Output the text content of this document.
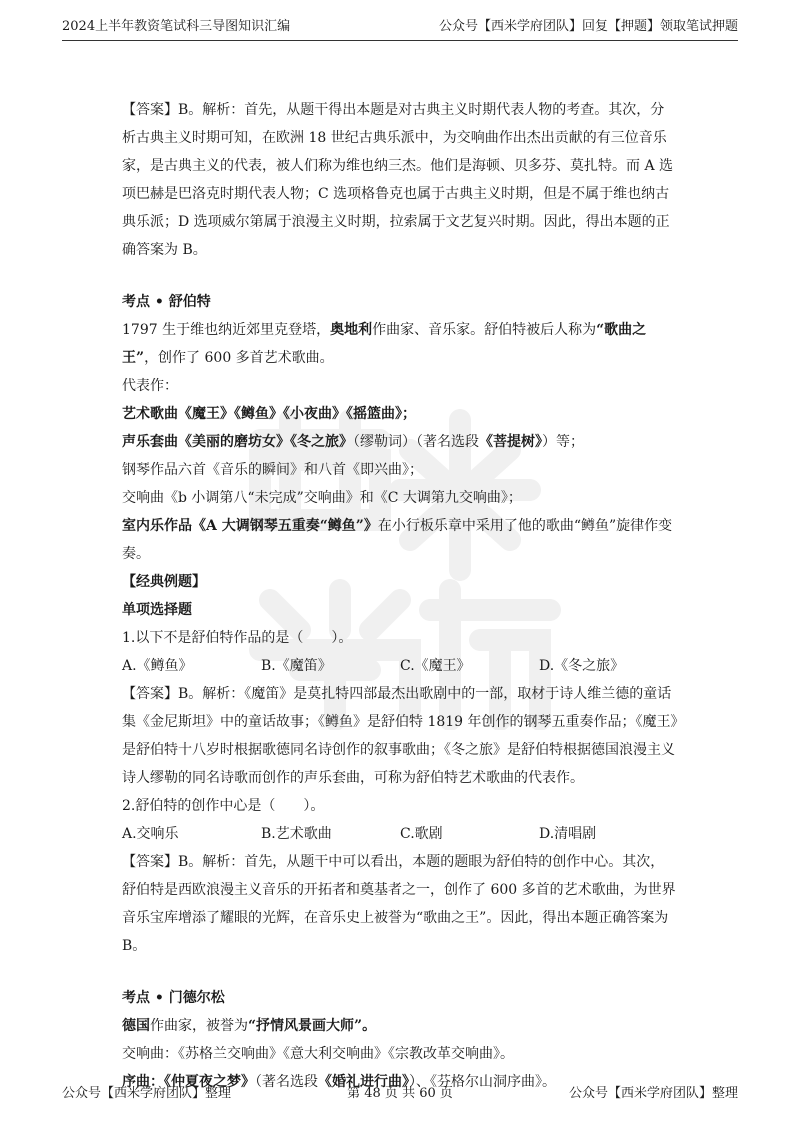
2024上半年教资笔试科三导图知识汇编	公众号【西米学府团队】回复【押题】领取笔试押题

【答案】B。解析：首先，从题干得出本题是对古典主义时期代表人物的考查。其次，分析古典主义时期可知，在欧洲 18 世纪古典乐派中，为交响曲作出杰出贡献的有三位音乐家，是古典主义的代表，被人们称为维也纳三杰。他们是海顿、贝多芬、莫扎特。而 A 选项巴赫是巴洛克时期代表人物；C 选项格鲁克也属于古典主义时期，但是不属于维也纳古典乐派；D 选项威尔第属于浪漫主义时期，拉索属于文艺复兴时期。因此，得出本题的正确答案为 B。

考点 • 舒伯特

1797 生于维也纳近郊里克登塔，奥地利作曲家、音乐家。舒伯特被后人称为“歌曲之王”，创作了 600 多首艺术歌曲。

代表作：

艺术歌曲《魔王》《鳟鱼》《小夜曲》《摇篮曲》；

声乐套曲《美丽的磨坊女》《冬之旅》（缪勒词）（著名选段《菩提树》）等；

钢琴作品六首《音乐的瞬间》和八首《即兴曲》；

交响曲《b 小调第八“未完成”交响曲》和《C 大调第九交响曲》；

室内乐作品《A 大调钢琴五重奏“鳟鱼”》在小行板乐章中采用了他的歌曲“鳟鱼”旋律作变奏。

【经典例题】

单项选择题

1.以下不是舒伯特作品的是（　　）。

A.《鳟鱼》	B.《魔笛》	C.《魔王》	D.《冬之旅》

【答案】B。解析：《魔笛》是莫扎特四部最杰出歌剧中的一部，取材于诗人维兰德的童话集《金尼斯坦》中的童话故事；《鳟鱼》是舒伯特 1819 年创作的钢琴五重奏作品；《魔王》是舒伯特十八岁时根据歌德同名诗创作的叙事歌曲；《冬之旅》是舒伯特根据德国浪漫主义诗人缪勒的同名诗歌而创作的声乐套曲，可称为舒伯特艺术歌曲的代表作。

2.舒伯特的创作中心是（　　）。

A.交响乐	B.艺术歌曲	C.歌剧	D.清唱剧

【答案】B。解析：首先，从题干中可以看出，本题的题眼为舒伯特的创作中心。其次，舒伯特是西欧浪漫主义音乐的开拓者和奠基者之一，创作了 600 多首的艺术歌曲，为世界音乐宝库增添了耀眼的光辉，在音乐史上被誉为“歌曲之王”。因此，得出本题正确答案为 B。

考点 • 门德尔松

德国作曲家，被誉为“抒情风景画大师”。

交响曲：《苏格兰交响曲》《意大利交响曲》《宗教改革交响曲》。

序曲：《仲夏夜之梦》（著名选段《婚礼进行曲》）、《芬格尔山洞序曲》。

公众号【西米学府团队】整理	第 48 页 共 60 页	公众号【西米学府团队】整理
